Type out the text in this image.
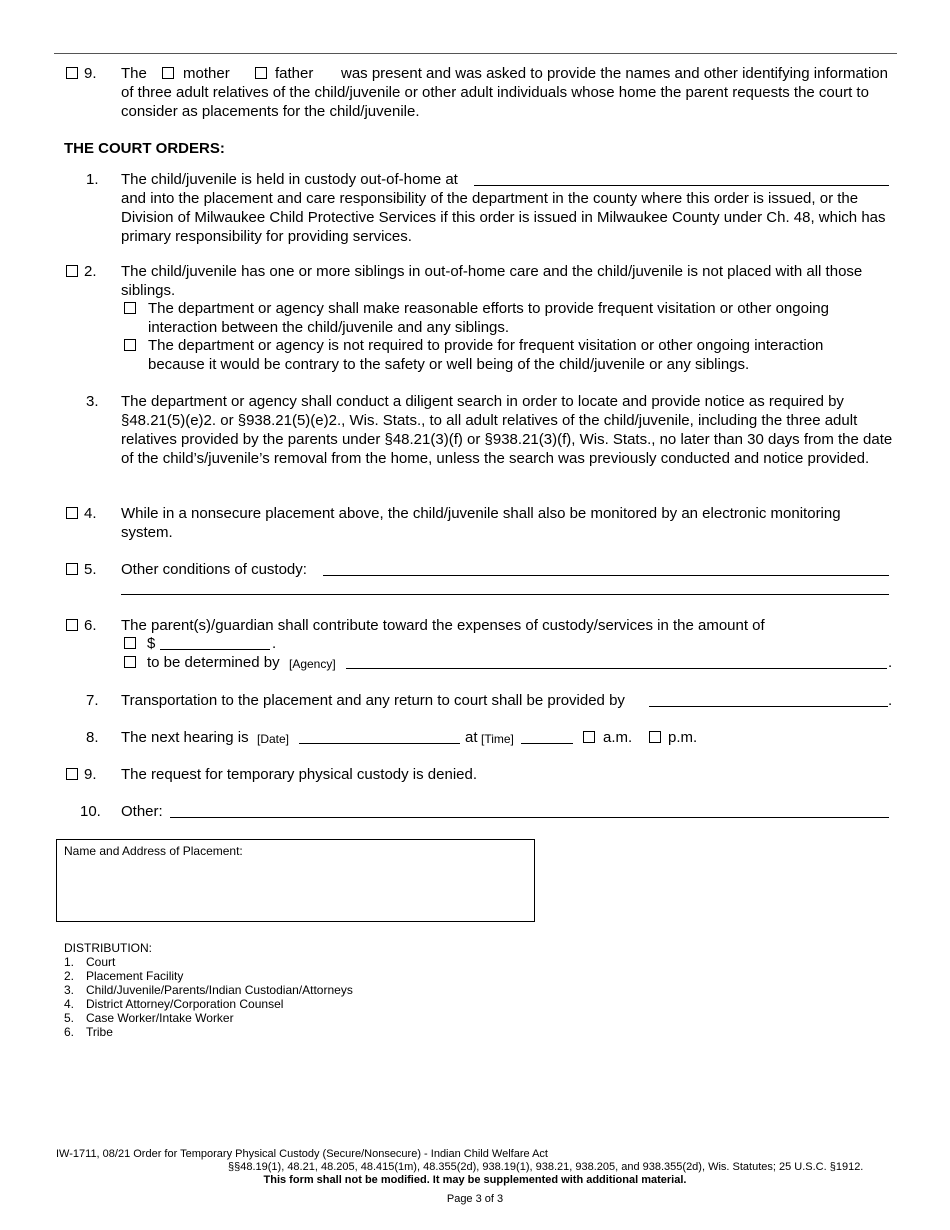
9. The mother	father was present and was asked to provide the names and other identifying information
of three adult relatives of the child/juvenile or other adult individuals whose home the parent requests the court to consider as placements for the child/juvenile.
THE COURT ORDERS:
1. The child/juvenile is held in custody out-of-home at
and into the placement and care responsibility of the department in the county where this order is issued, or the Division of Milwaukee Child Protective Services if this order is issued in Milwaukee County under Ch. 48, which has primary responsibility for providing services.
2. The child/juvenile has one or more siblings in out-of-home care and the child/juvenile is not placed with all those siblings.
The department or agency shall make reasonable efforts to provide frequent visitation or other ongoing interaction between the child/juvenile and any siblings.
The department or agency is not required to provide for frequent visitation or other ongoing interaction because it would be contrary to the safety or well being of the child/juvenile or any siblings.
3. The department or agency shall conduct a diligent search in order to locate and provide notice as required by §48.21(5)(e)2. or §938.21(5)(e)2., Wis. Stats., to all adult relatives of the child/juvenile, including the three adult relatives provided by the parents under §48.21(3)(f) or §938.21(3)(f), Wis. Stats., no later than 30 days from the date of the child’s/juvenile’s removal from the home, unless the search was previously conducted and notice provided.
4. While in a nonsecure placement above, the child/juvenile shall also be monitored by an electronic monitoring system.
5. Other conditions of custody:
6. The parent(s)/guardian shall contribute toward the expenses of custody/services in the amount of
$	.
to be determined by [Agency]	.
7. Transportation to the placement and any return to court shall be provided by	.
8. The next hearing is [Date]	at [Time]	a.m. p.m.
9. The request for temporary physical custody is denied.
10. Other:
Name and Address of Placement:
DISTRIBUTION:
1. Court
2. Placement Facility
3. Child/Juvenile/Parents/Indian Custodian/Attorneys
4. District Attorney/Corporation Counsel
5. Case Worker/Intake Worker
6. Tribe
IW-1711, 08/21 Order for Temporary Physical Custody (Secure/Nonsecure) - Indian Child Welfare Act
§§48.19(1), 48.21, 48.205, 48.415(1m), 48.355(2d), 938.19(1), 938.21, 938.205, and 938.355(2d), Wis. Statutes; 25 U.S.C. §1912.
This form shall not be modified. It may be supplemented with additional material.
Page 3 of 3
